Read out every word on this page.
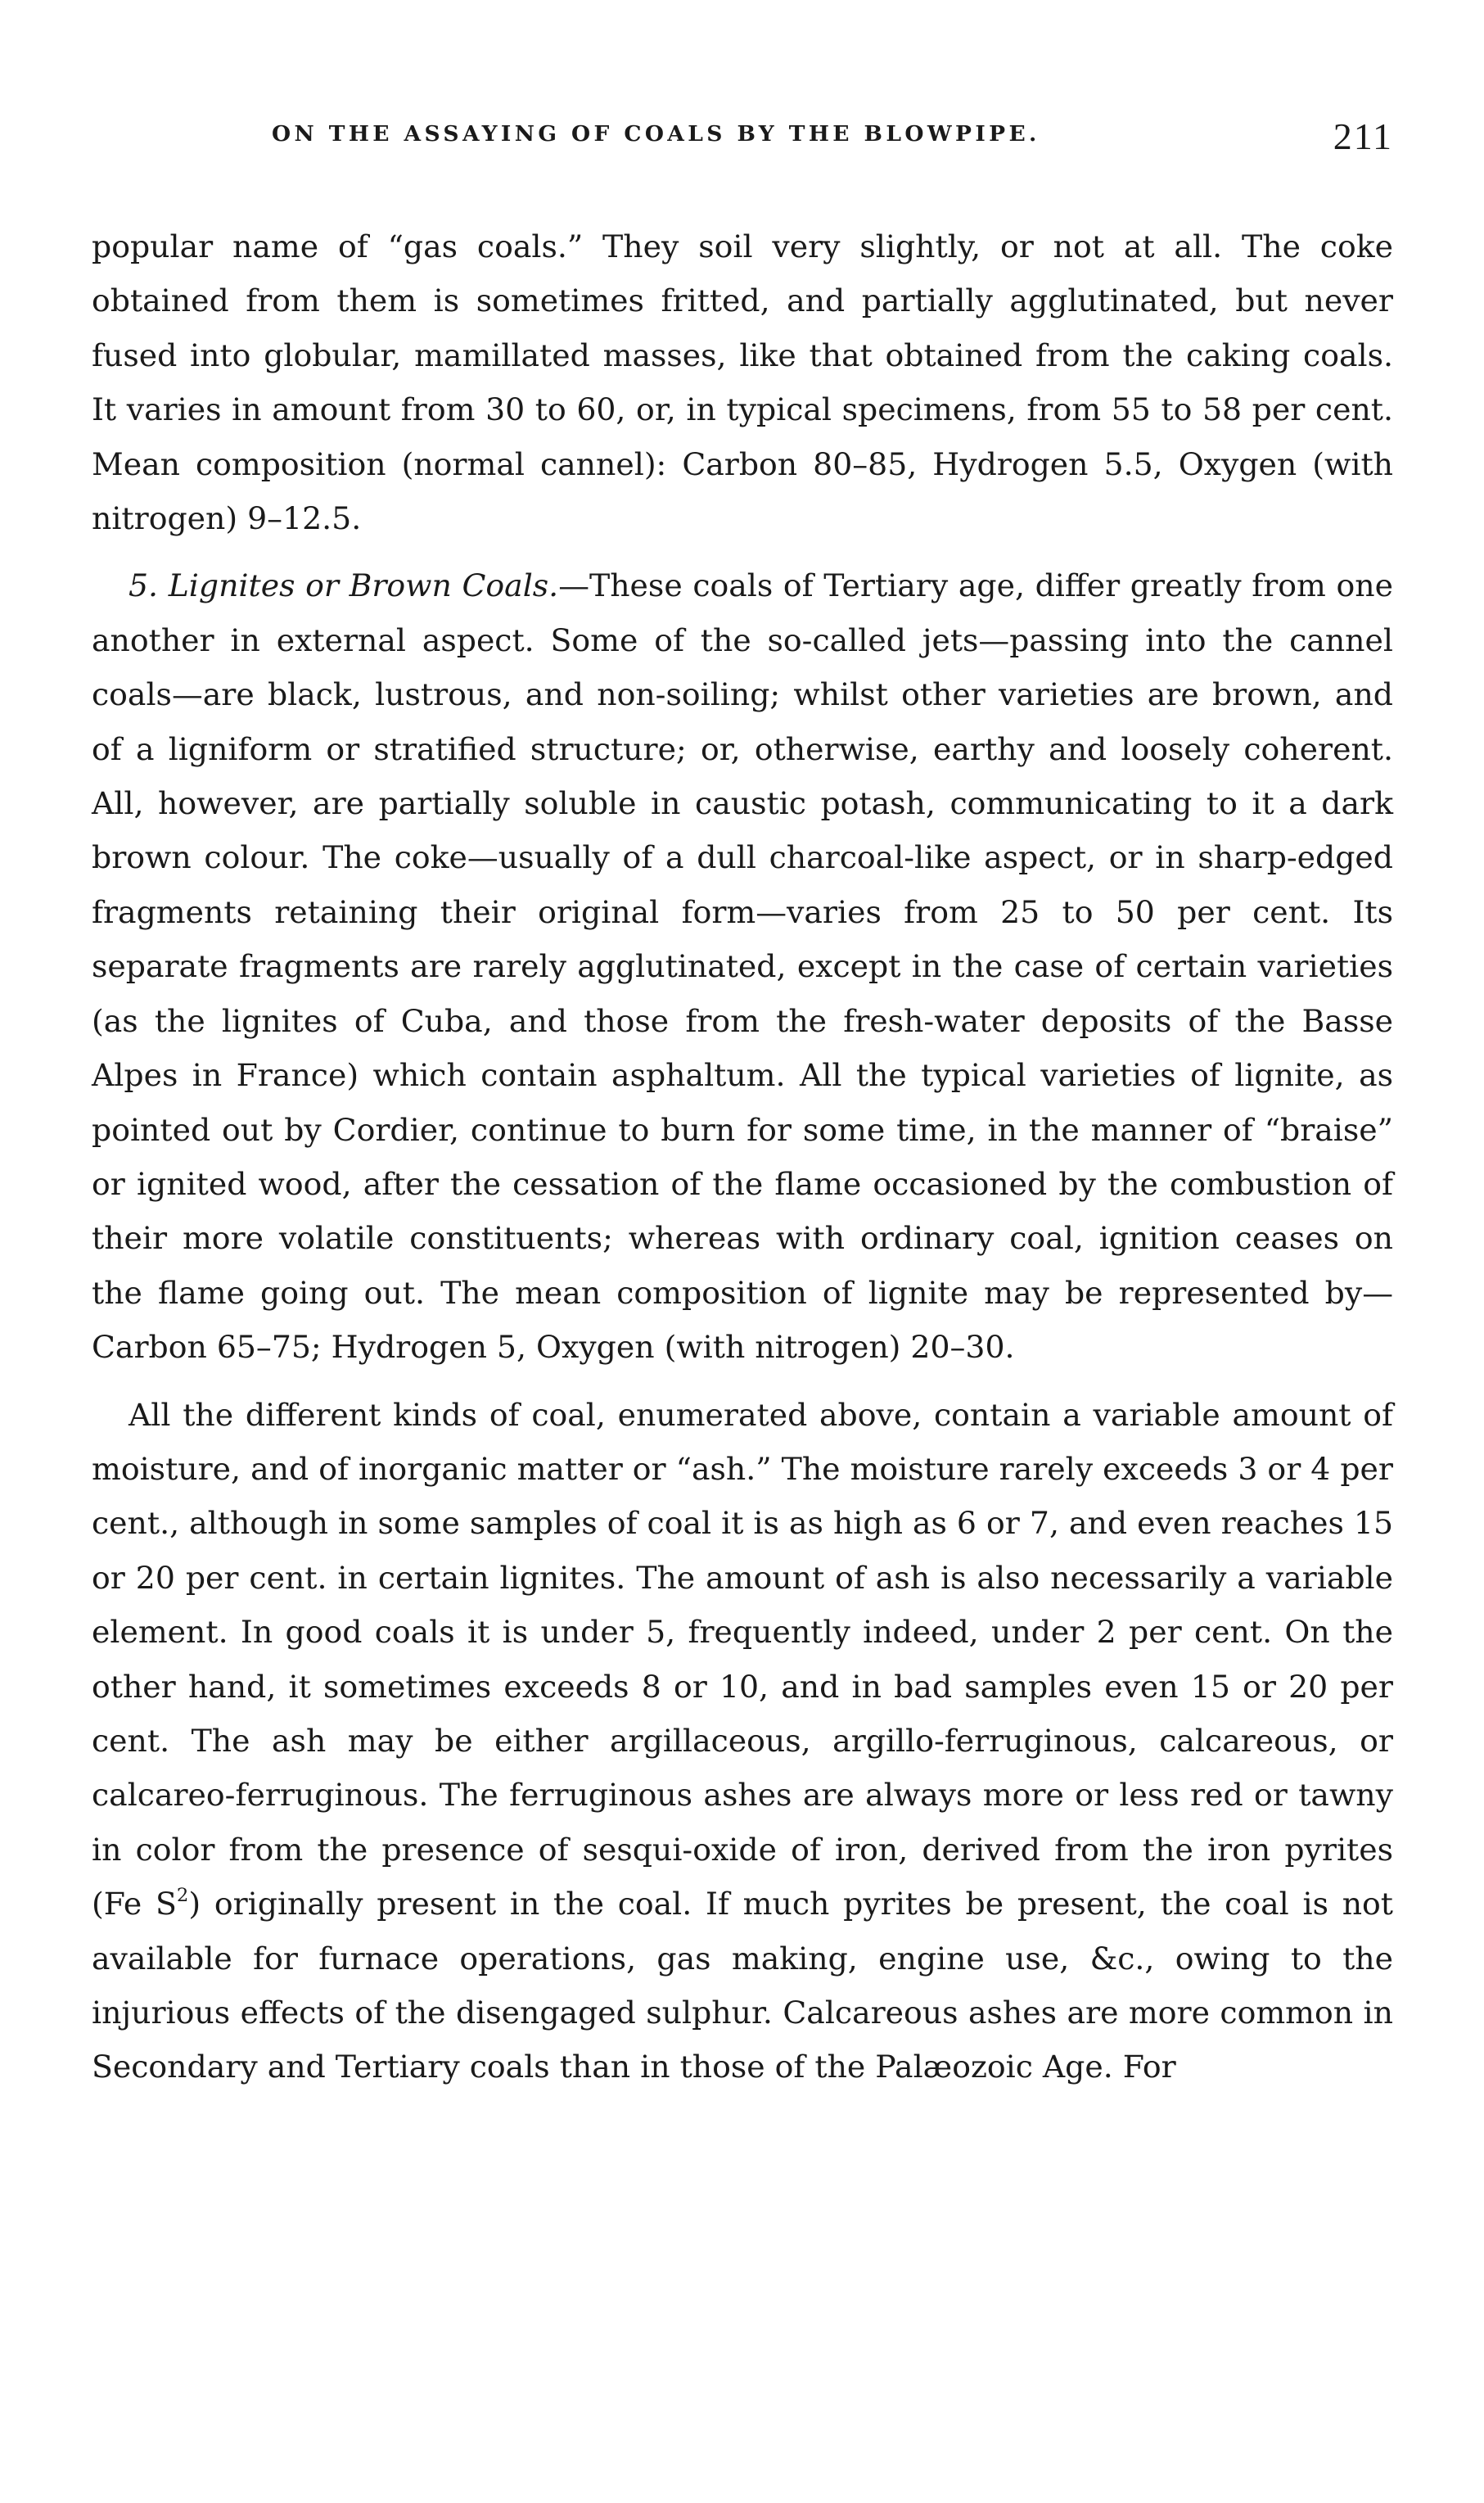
ON THE ASSAYING OF COALS BY THE BLOWPIPE.	211

popular name of “gas coals.” They soil very slightly, or not at all. The coke obtained from them is sometimes fritted, and partially agglutinated, but never fused into globular, mamillated masses, like that obtained from the caking coals. It varies in amount from 30 to 60, or, in typical specimens, from 55 to 58 per cent. Mean composition (normal cannel): Carbon 80–85, Hydrogen 5.5, Oxygen (with nitrogen) 9–12.5.

5. Lignites or Brown Coals.—These coals of Tertiary age, differ greatly from one another in external aspect. Some of the so-called jets—passing into the cannel coals—are black, lustrous, and non-soiling; whilst other varieties are brown, and of a ligniform or stratified structure; or, otherwise, earthy and loosely coherent. All, however, are partially soluble in caustic potash, communicating to it a dark brown colour. The coke—usually of a dull charcoal-like aspect, or in sharp-edged fragments retaining their original form—varies from 25 to 50 per cent. Its separate fragments are rarely agglutinated, except in the case of certain varieties (as the lignites of Cuba, and those from the fresh-water deposits of the Basse Alpes in France) which contain asphaltum. All the typical varieties of lignite, as pointed out by Cordier, continue to burn for some time, in the manner of “braise” or ignited wood, after the cessation of the flame occasioned by the combustion of their more volatile constituents; whereas with ordinary coal, ignition ceases on the flame going out. The mean composition of lignite may be represented by—Carbon 65–75; Hydrogen 5, Oxygen (with nitrogen) 20–30.

All the different kinds of coal, enumerated above, contain a variable amount of moisture, and of inorganic matter or “ash.” The moisture rarely exceeds 3 or 4 per cent., although in some samples of coal it is as high as 6 or 7, and even reaches 15 or 20 per cent. in certain lignites. The amount of ash is also necessarily a variable element. In good coals it is under 5, frequently indeed, under 2 per cent. On the other hand, it sometimes exceeds 8 or 10, and in bad samples even 15 or 20 per cent. The ash may be either argillaceous, argillo-ferruginous, calcareous, or calcareo-ferruginous. The ferruginous ashes are always more or less red or tawny in color from the presence of sesqui-oxide of iron, derived from the iron pyrites (Fe $S^2$) originally present in the coal. If much pyrites be present, the coal is not available for furnace operations, gas making, engine use, &c., owing to the injurious effects of the disengaged sulphur. Calcareous ashes are more common in Secondary and Tertiary coals than in those of the Palæozoic Age. For
